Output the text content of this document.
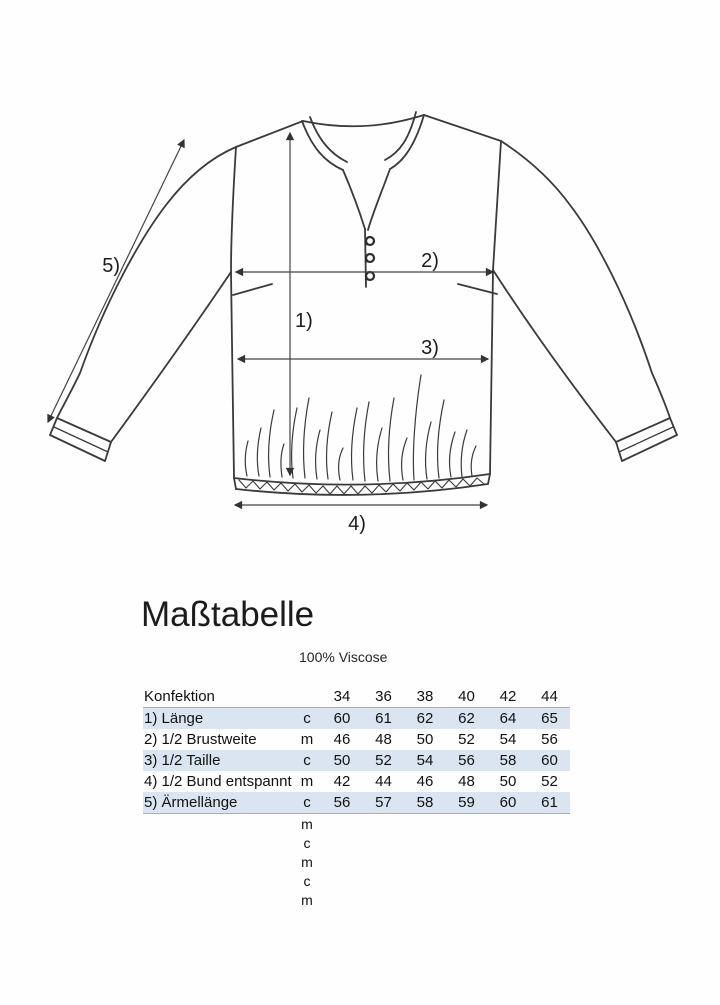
1)
2)
3)
4)
5)
Maßtabelle
100% Viscose
Konfektion		34	36	38	40	42	44
1) Länge	c	60	61	62	62	64	65
2) 1/2 Brustweite	m	46	48	50	52	54	56
3) 1/2 Taille	c	50	52	54	56	58	60
4) 1/2 Bund entspannt	m	42	44	46	48	50	52
5) Ärmellänge	c	56	57	58	59	60	61
	m						
	c						
	m						
	c						
	m						
